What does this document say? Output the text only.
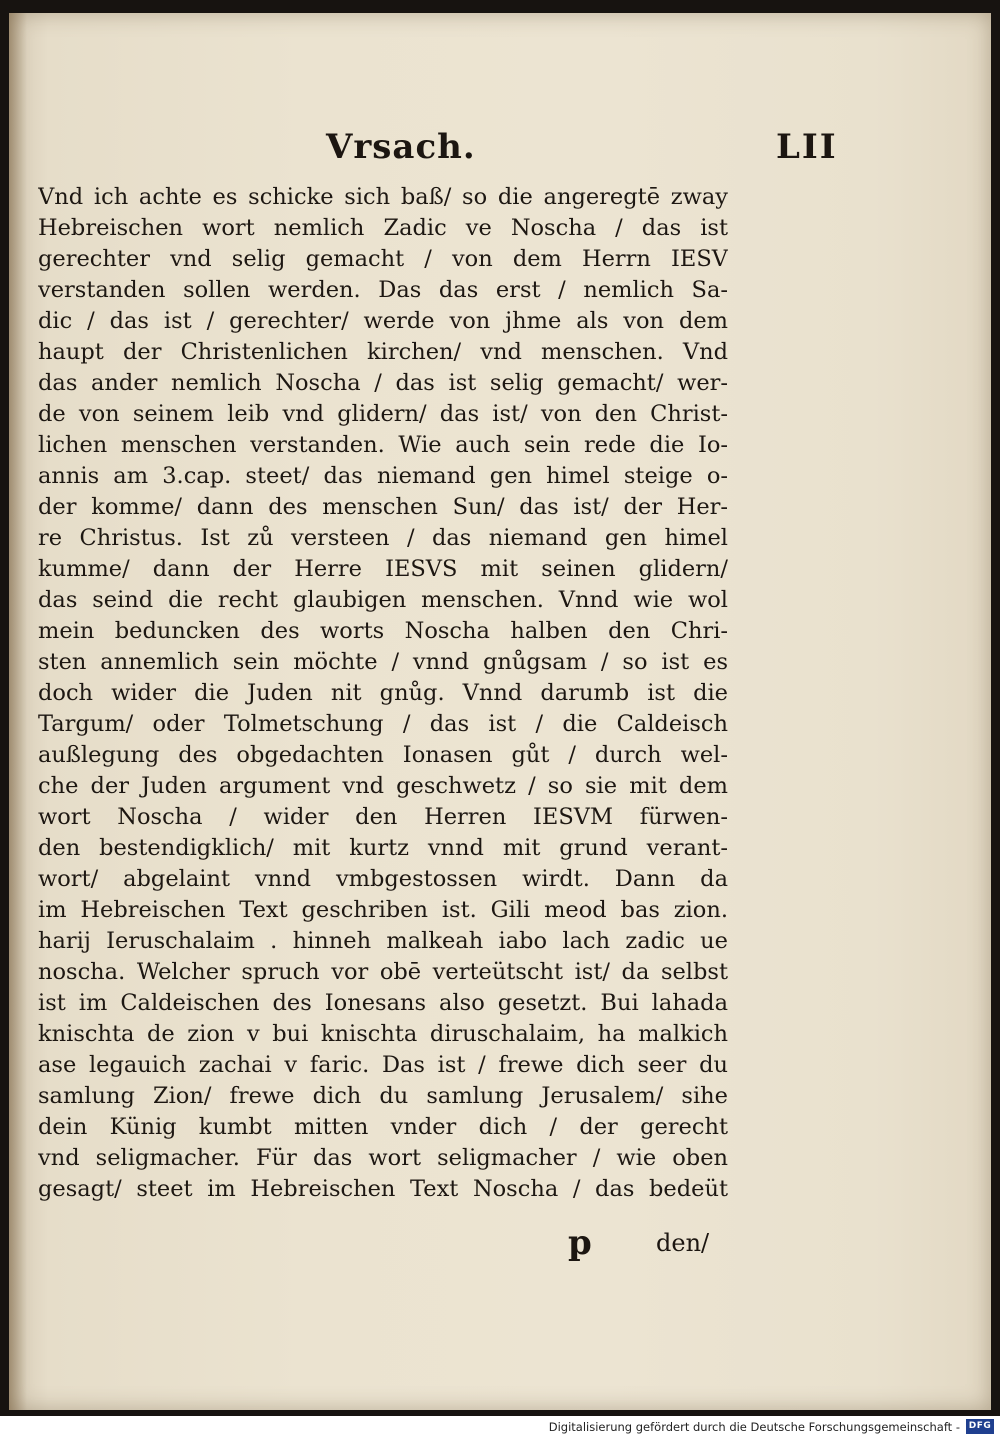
Vrsach.	LII
Vnd ich achte es schicke sich baß/ so die angeregtē zway
Hebreischen wort nemlich Zadic ve Noscha / das ist
gerechter vnd selig gemacht / von dem Herrn IESV
verstanden sollen werden. Das das erst / nemlich Sa-
dic / das ist / gerechter/ werde von jhme als von dem
haupt der Christenlichen kirchen/ vnd menschen. Vnd
das ander nemlich Noscha / das ist selig gemacht/ wer-
de von seinem leib vnd glidern/ das ist/ von den Christ-
lichen menschen verstanden. Wie auch sein rede die Io-
annis am 3.cap. steet/ das niemand gen himel steige o-
der komme/ dann des menschen Sun/ das ist/ der Her-
re Christus. Ist zů versteen / das niemand gen himel
kumme/ dann der Herre IESVS mit seinen glidern/
das seind die recht glaubigen menschen. Vnnd wie wol
mein beduncken des worts Noscha halben den Chri-
sten annemlich sein möchte / vnnd gnůgsam / so ist es
doch wider die Juden nit gnůg. Vnnd darumb ist die
Targum/ oder Tolmetschung / das ist / die Caldeisch
außlegung des obgedachten Ionasen gůt / durch wel-
che der Juden argument vnd geschwetz / so sie mit dem
wort Noscha / wider den Herren IESVM fürwen-
den bestendigklich/ mit kurtz vnnd mit grund verant-
wort/ abgelaint vnnd vmbgestossen wirdt. Dann da
im Hebreischen Text geschriben ist. Gili meod bas zion.
harij Ieruschalaim . hinneh malkeah iabo lach zadic ue
noscha. Welcher spruch vor obē verteütscht ist/ da selbst
ist im Caldeischen des Ionesans also gesetzt. Bui lahada
knischta de zion v bui knischta diruschalaim, ha malkich
ase legauich zachai v faric. Das ist / frewe dich seer du
samlung Zion/ frewe dich du samlung Jerusalem/ sihe
dein Künig kumbt mitten vnder dich / der gerecht
vnd seligmacher. Für das wort seligmacher / wie oben
gesagt/ steet im Hebreischen Text Noscha / das bedeüt
p	den/
Digitalisierung gefördert durch die Deutsche Forschungsgemeinschaft - DFG
